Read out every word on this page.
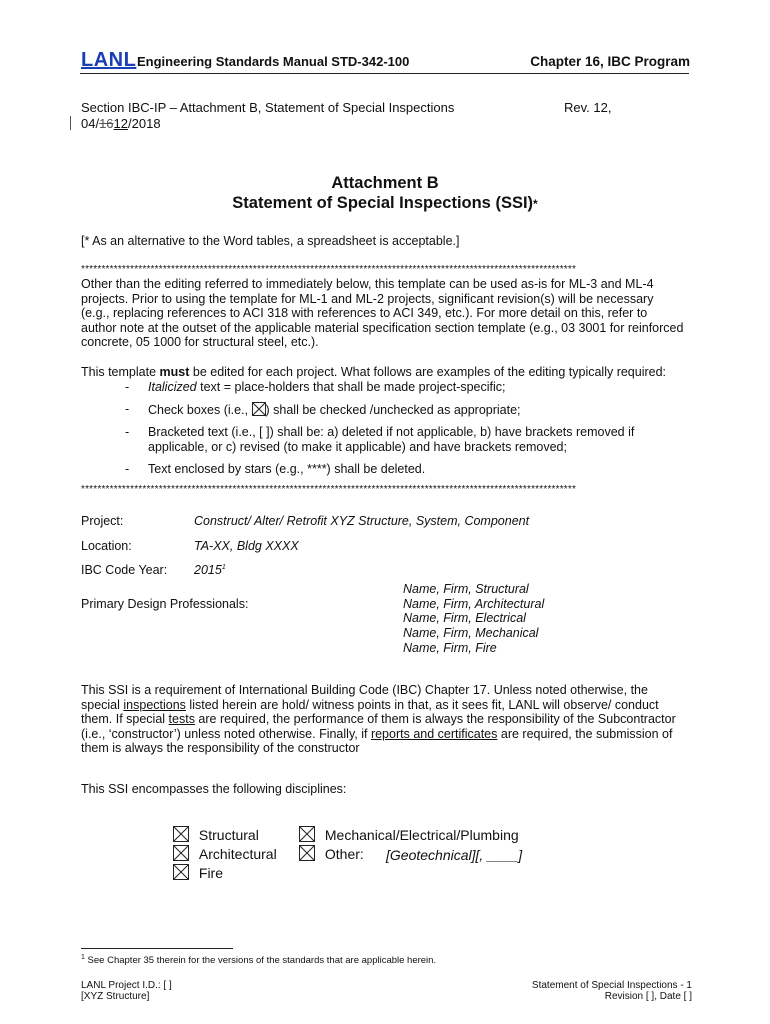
LANL Engineering Standards Manual STD-342-100	Chapter 16, IBC Program
Section IBC-IP – Attachment B, Statement of Special Inspections	Rev. 12,
04/1612/2018
Attachment B
Statement of Special Inspections (SSI)*
[* As an alternative to the Word tables, a spreadsheet is acceptable.]
*************************************************************************************************************************
Other than the editing referred to immediately below, this template can be used as-is for ML-3 and ML-4
projects. Prior to using the template for ML-1 and ML-2 projects, significant revision(s) will be necessary
(e.g., replacing references to ACI 318 with references to ACI 349, etc.). For more detail on this, refer to
author note at the outset of the applicable material specification section template (e.g., 03 3001 for reinforced
concrete, 05 1000 for structural steel, etc.).
This template must be edited for each project. What follows are examples of the editing typically required:
- Italicized text = place-holders that shall be made project-specific;
- Check boxes (i.e.,
) shall be checked /unchecked as appropriate;
- Bracketed text (i.e., [ ]) shall be: a) deleted if not applicable, b) have brackets removed if
applicable, or c) revised (to make it applicable) and have brackets removed;
- Text enclosed by stars (e.g., ****) shall be deleted.
*************************************************************************************************************************
Project:	Construct/ Alter/ Retrofit XYZ Structure, System, Component
Location:	TA-XX, Bldg XXXX
IBC Code Year: 2015$^1$
Primary Design Professionals:
Name, Firm, Structural
Name, Firm, Architectural
Name, Firm, Electrical
Name, Firm, Mechanical
Name, Firm, Fire
This SSI is a requirement of International Building Code (IBC) Chapter 17. Unless noted otherwise, the
special inspections listed herein are hold/ witness points in that, as it sees fit, LANL will observe/ conduct
them. If special tests are required, the performance of them is always the responsibility of the Subcontractor
(i.e., ‘constructor’) unless noted otherwise. Finally, if reports and certificates are required, the submission of
them is always the responsibility of the constructor
This SSI encompasses the following disciplines:
Structural
Architectural
Fire
Mechanical/Electrical/Plumbing
Other: [Geotechnical][, ____]
$^1$ See Chapter 35 therein for the versions of the standards that are applicable herein.
LANL Project I.D.: [ ]
[XYZ Structure]
Statement of Special Inspections - 1
Revision [ ], Date [ ]
